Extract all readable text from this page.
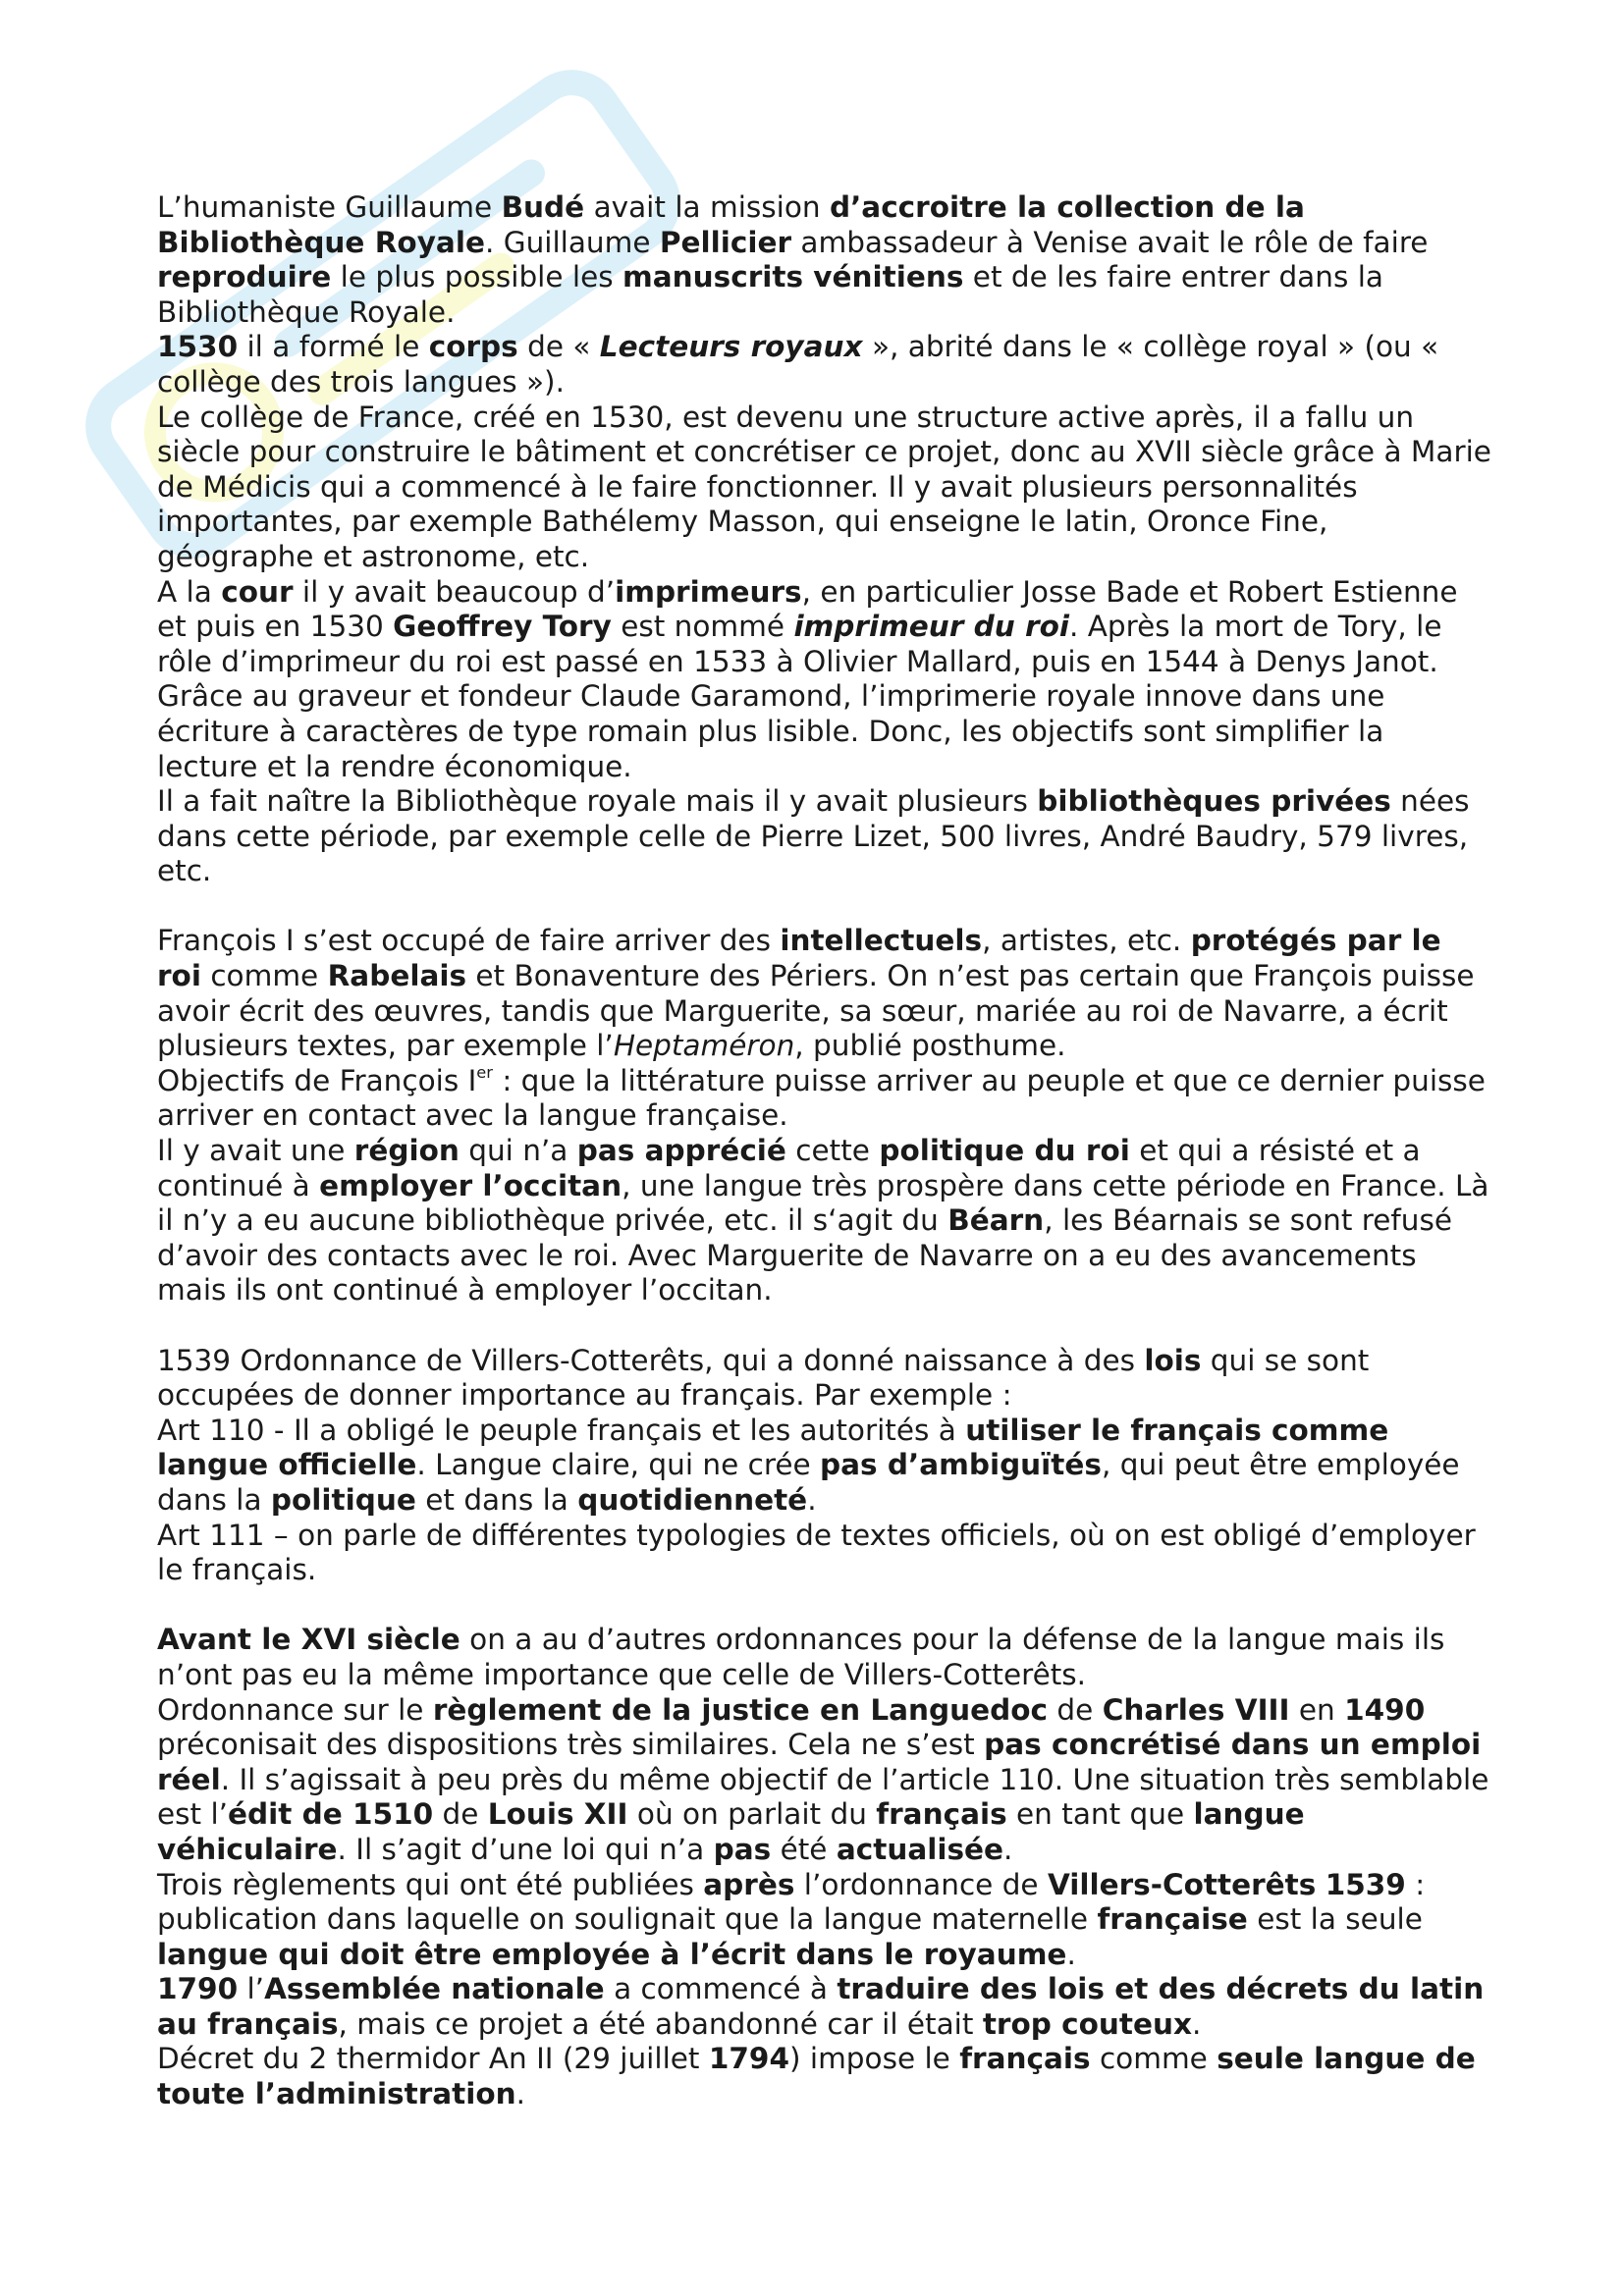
L’humaniste Guillaume Budé avait la mission d’accroitre la collection de la Bibliothèque Royale. Guillaume Pellicier ambassadeur à Venise avait le rôle de faire reproduire le plus possible les manuscrits vénitiens et de les faire entrer dans la Bibliothèque Royale.

1530 il a formé le corps de « Lecteurs royaux », abrité dans le « collège royal » (ou « collège des trois langues »).

Le collège de France, créé en 1530, est devenu une structure active après, il a fallu un siècle pour construire le bâtiment et concrétiser ce projet, donc au XVII siècle grâce à Marie de Médicis qui a commencé à le faire fonctionner. Il y avait plusieurs personnalités importantes, par exemple Bathélemy Masson, qui enseigne le latin, Oronce Fine, géographe et astronome, etc.

A la cour il y avait beaucoup d’imprimeurs, en particulier Josse Bade et Robert Estienne et puis en 1530 Geoffrey Tory est nommé imprimeur du roi. Après la mort de Tory, le rôle d’imprimeur du roi est passé en 1533 à Olivier Mallard, puis en 1544 à Denys Janot. Grâce au graveur et fondeur Claude Garamond, l’imprimerie royale innove dans une écriture à caractères de type romain plus lisible. Donc, les objectifs sont simplifier la lecture et la rendre économique.

Il a fait naître la Bibliothèque royale mais il y avait plusieurs bibliothèques privées nées dans cette période, par exemple celle de Pierre Lizet, 500 livres, André Baudry, 579 livres, etc.

François I s’est occupé de faire arriver des intellectuels, artistes, etc. protégés par le roi comme Rabelais et Bonaventure des Périers. On n’est pas certain que François puisse avoir écrit des œuvres, tandis que Marguerite, sa sœur, mariée au roi de Navarre, a écrit plusieurs textes, par exemple l’Heptaméron, publié posthume.

Objectifs de François Ier : que la littérature puisse arriver au peuple et que ce dernier puisse arriver en contact avec la langue française.

Il y avait une région qui n’a pas apprécié cette politique du roi et qui a résisté et a continué à employer l’occitan, une langue très prospère dans cette période en France. Là il n’y a eu aucune bibliothèque privée, etc. il s‘agit du Béarn, les Béarnais se sont refusé d’avoir des contacts avec le roi. Avec Marguerite de Navarre on a eu des avancements mais ils ont continué à employer l’occitan.

1539 Ordonnance de Villers-Cotterêts, qui a donné naissance à des lois qui se sont occupées de donner importance au français. Par exemple :

Art 110 - Il a obligé le peuple français et les autorités à utiliser le français comme langue officielle. Langue claire, qui ne crée pas d’ambiguïtés, qui peut être employée dans la politique et dans la quotidienneté.

Art 111 – on parle de différentes typologies de textes officiels, où on est obligé d’employer le français.

Avant le XVI siècle on a au d’autres ordonnances pour la défense de la langue mais ils n’ont pas eu la même importance que celle de Villers-Cotterêts.

Ordonnance sur le règlement de la justice en Languedoc de Charles VIII en 1490 préconisait des dispositions très similaires. Cela ne s’est pas concrétisé dans un emploi réel. Il s’agissait à peu près du même objectif de l’article 110. Une situation très semblable est l’édit de 1510 de Louis XII où on parlait du français en tant que langue véhiculaire. Il s’agit d’une loi qui n’a pas été actualisée.

Trois règlements qui ont été publiées après l’ordonnance de Villers-Cotterêts 1539 : publication dans laquelle on soulignait que la langue maternelle française est la seule langue qui doit être employée à l’écrit dans le royaume.

1790 l’Assemblée nationale a commencé à traduire des lois et des décrets du latin au français, mais ce projet a été abandonné car il était trop couteux.

Décret du 2 thermidor An II (29 juillet 1794) impose le français comme seule langue de toute l’administration.
